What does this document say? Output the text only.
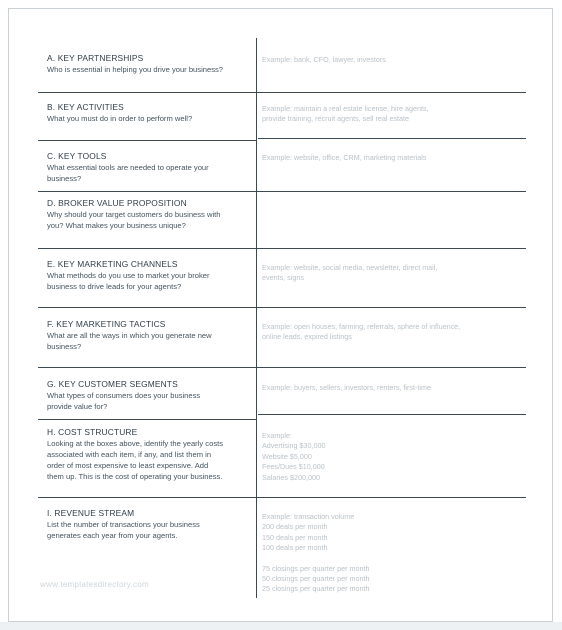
A. KEY PARTNERSHIPS
Who is essential in helping you drive your business?
Example: bank, CFO, lawyer, investors
B. KEY ACTIVITIES
What you must do in order to perform well?
Example: maintain a real estate license, hire agents,
provide training, recruit agents, sell real estate
C. KEY TOOLS
What essential tools are needed to operate your
business?
Example: website, office, CRM, marketing materials
D. BROKER VALUE PROPOSITION
Why should your target customers do business with
you? What makes your business unique?
E. KEY MARKETING CHANNELS
What methods do you use to market your broker
business to drive leads for your agents?
Example: website, social media, newsletter, direct mail,
events, signs
F. KEY MARKETING TACTICS
What are all the ways in which you generate new
business?
Example: open houses, farming, referrals, sphere of influence,
online leads, expired listings
G. KEY CUSTOMER SEGMENTS
What types of consumers does your business
provide value for?
Example: buyers, sellers, investors, renters, first-time
H. COST STRUCTURE
Looking at the boxes above, identify the yearly costs
associated with each item, if any, and list them in
order of most expensive to least expensive. Add
them up. This is the cost of operating your business.
Example:
Advertising $30,000
Website $5,000
Fees/Dues $10,000
Salaries $200,000
I. REVENUE STREAM
List the number of transactions your business
generates each year from your agents.
Example: transaction volume
200 deals per month
150 deals per month
100 deals per month
75 closings per quarter per month
50 closings per quarter per month
25 closings per quarter per month
www.templatesdirectory.com
